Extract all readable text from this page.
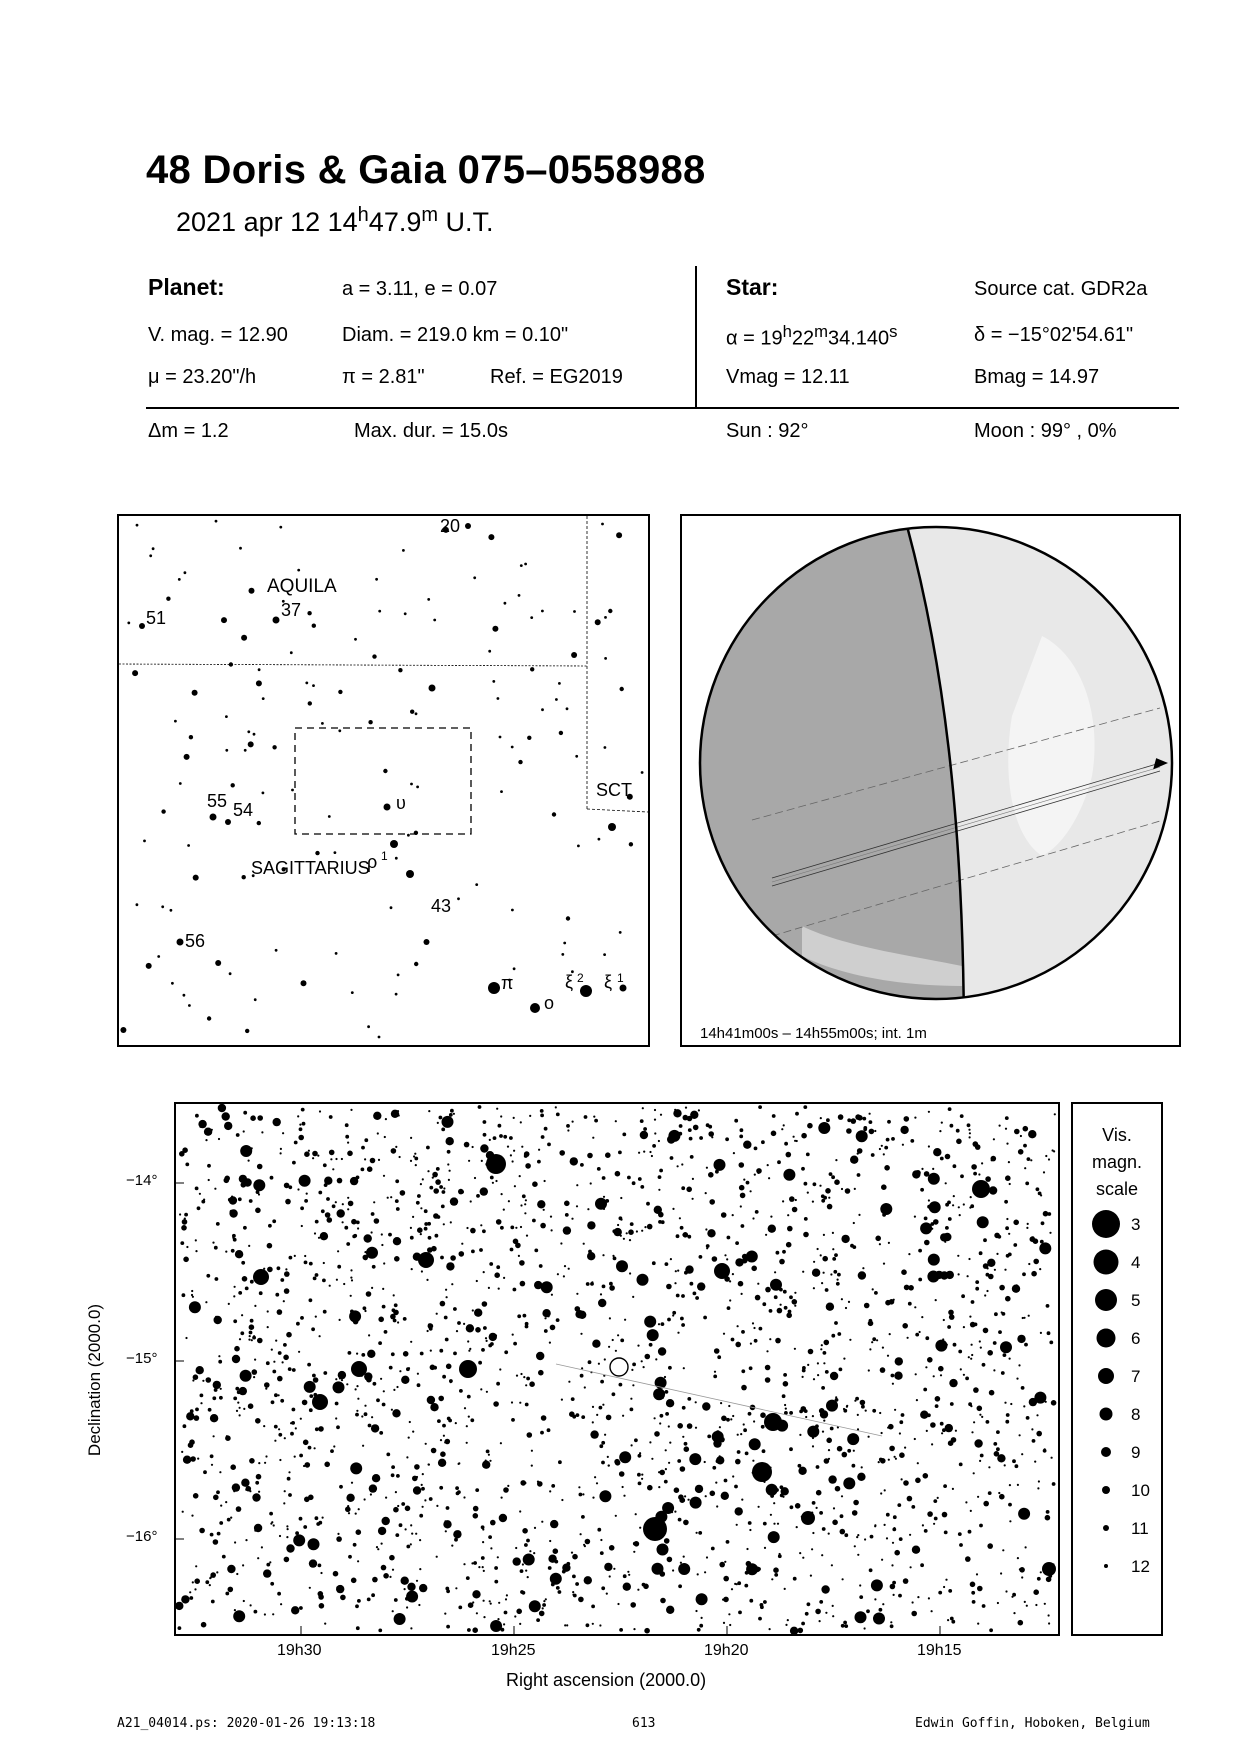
48 Doris & Gaia 075–0558988
2021 apr 12 14$^h$47.9$^m$ U.T.
Planet:	a = 3.11, e = 0.07
V. mag. = 12.90	Diam. = 219.0 km = 0.10"
μ = 23.20"/h	π = 2.81"	Ref. = EG2019
Star:	Source cat. GDR2a
$\alpha = 19^h22^m34.140^s$	δ = −15°02'54.61"
Vmag = 12.11	Bmag = 14.97
Δm = 1.2	Max. dur. = 15.0s	Sun : 92°	Moon : 99° , 0%
AQUILA
SAGITTARIUS
SCT
20
37
51
55 54
43
56
υ
ρ 1
π
o
ξ 2 ξ 1
14h41m00s – 14h55m00s; int. 1m
−14°
−15°
−16°
19h30	19h25	19h20	19h15
Right ascension (2000.0)
Declination (2000.0)
Vis.
magn.
scale
3
4
5
6
7
8
9
10
11
12
A21_04014.ps: 2020-01-26 19:13:18	613	Edwin Goffin, Hoboken, Belgium
